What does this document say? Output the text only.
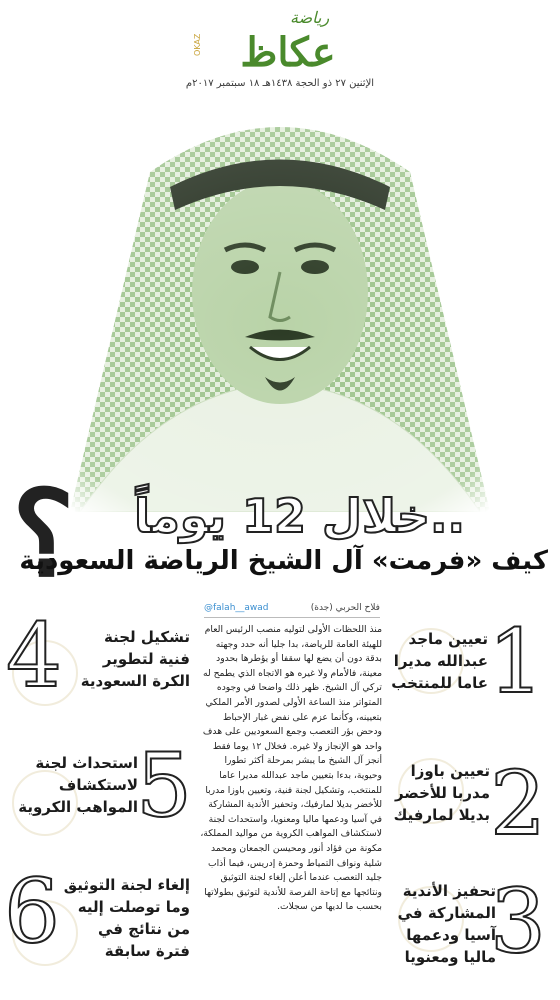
رياضة
عكاظ
OKAZ
الإثنين ٢٧ ذو الحجة ١٤٣٨هـ ١٨ سبتمبر ٢٠١٧م
؟ خلال 12 يوماً..
كيف «فرمت» آل الشيخ الرياضة السعودية
@falah__awad	فلاح الحربي (جدة)
منذ اللحظات الأولى لتوليه منصب الرئيس العام للهيئة العامة للرياضة، بدا جليا أنه حدد وجهته بدقة دون أن يضع لها سقفا أو يؤطرها بحدود معينة، فالأمام ولا غيره هو الاتجاه الذي يطمح له تركي آل الشيخ. ظهر ذلك واضحا في وجوده المتواتر منذ الساعة الأولى لصدور الأمر الملكي بتعيينه، وكأنما عزم على نفض غبار الإحباط ودحض بؤر التعصب وجمع السعوديين على هدف واحد هو الإنجاز ولا غيره. فخلال ١٢ يوما فقط أنجز آل الشيخ ما يبشر بمرحلة أكثر تطورا وحيوية، بدءا بتعيين ماجد عبدالله مديرا عاما للمنتخب، وتشكيل لجنة فنية، وتعيين باوزا مدربا للأخضر بديلا لمارفيك، وتحفيز الأندية المشاركة في آسيا ودعمها ماليا ومعنويا، واستحداث لجنة لاستكشاف المواهب الكروية من مواليد المملكة، مكونة من فؤاد أنور ومحيسن الجمعان ومحمد شلية ونواف التمياط وحمزة إدريس، فيما أذاب جليد التعصب عندما أعلن إلغاء لجنة التوثيق ونتائجها مع إتاحة الفرصة للأندية لتوثيق بطولاتها بحسب ما لديها من سجلات.
تعيين ماجد عبدالله مديرا عاما للمنتخب 1
تعيين باوزا مدربا للأخضر بديلا لمارفيك 2
تحفيز الأندية المشاركة في آسيا ودعمها ماليا ومعنويا
3
4	تشكيل لجنة فنية لتطوير الكرة السعودية
5
استحداث لجنة لاستكشاف المواهب الكروية
6 إلغاء لجنة التوثيق وما توصلت إليه من نتائج في فترة سابقة
